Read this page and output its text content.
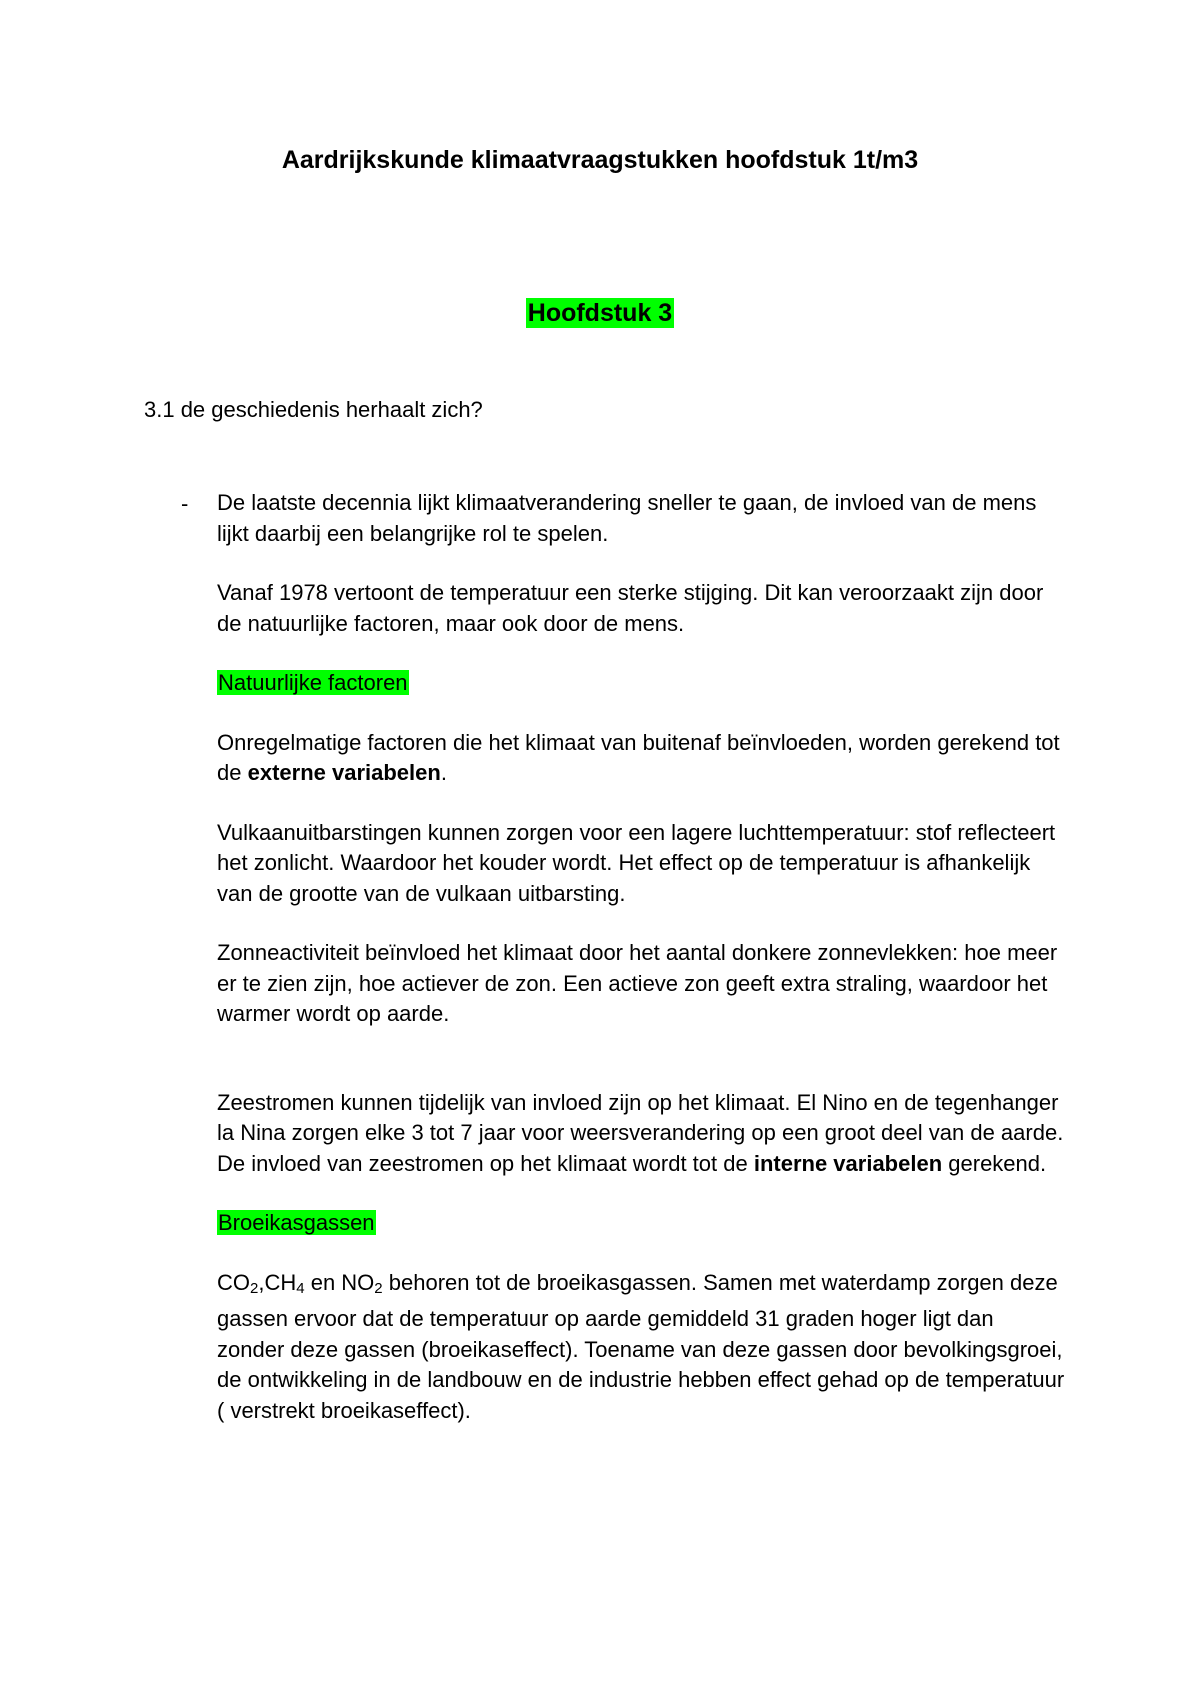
Aardrijkskunde klimaatvraagstukken hoofdstuk 1t/m3
Hoofdstuk 3

3.1 de geschiedenis herhaalt zich?

- De laatste decennia lijkt klimaatverandering sneller te gaan, de invloed van de mens lijkt daarbij een belangrijke rol te spelen.

Vanaf 1978 vertoont de temperatuur een sterke stijging. Dit kan veroorzaakt zijn door de natuurlijke factoren, maar ook door de mens.

Natuurlijke factoren

Onregelmatige factoren die het klimaat van buitenaf beïnvloeden, worden gerekend tot de externe variabelen.

Vulkaanuitbarstingen kunnen zorgen voor een lagere luchttemperatuur: stof reflecteert het zonlicht. Waardoor het kouder wordt. Het effect op de temperatuur is afhankelijk van de grootte van de vulkaan uitbarsting.

Zonneactiviteit beïnvloed het klimaat door het aantal donkere zonnevlekken: hoe meer er te zien zijn, hoe actiever de zon. Een actieve zon geeft extra straling, waardoor het warmer wordt op aarde.

Zeestromen kunnen tijdelijk van invloed zijn op het klimaat. El Nino en de tegenhanger la Nina zorgen elke 3 tot 7 jaar voor weersverandering op een groot deel van de aarde. De invloed van zeestromen op het klimaat wordt tot de interne variabelen gerekend.

Broeikasgassen

$CO_2,CH_4$ en $NO_2$ behoren tot de broeikasgassen. Samen met waterdamp zorgen deze gassen ervoor dat de temperatuur op aarde gemiddeld 31 graden hoger ligt dan zonder deze gassen (broeikaseffect). Toename van deze gassen door bevolkingsgroei, de ontwikkeling in de landbouw en de industrie hebben effect gehad op de temperatuur ( verstrekt broeikaseffect).
